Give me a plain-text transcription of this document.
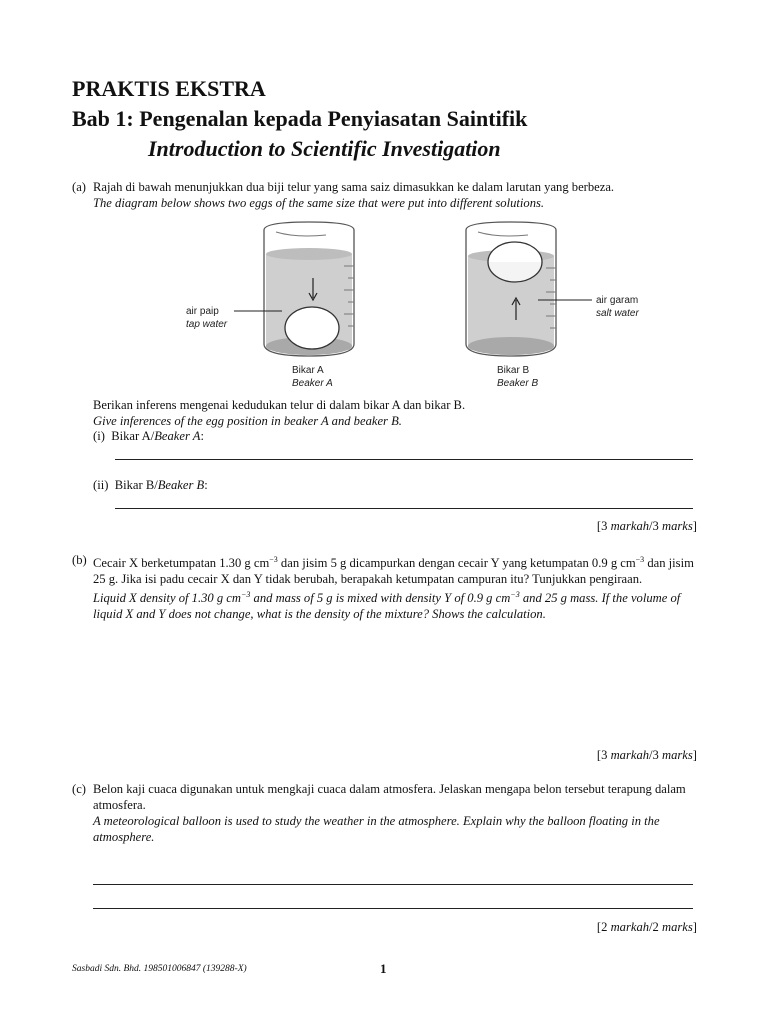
PRAKTIS EKSTRA
Bab 1: Pengenalan kepada Penyiasatan Saintifik
Introduction to Scientific Investigation
(a) Rajah di bawah menunjukkan dua biji telur yang sama saiz dimasukkan ke dalam larutan yang berbeza.
The diagram below shows two eggs of the same size that were put into different solutions.
air paip
tap water
Bikar A
Beaker A
air garam
salt water
Bikar B
Beaker B
Berikan inferens mengenai kedudukan telur di dalam bikar A dan bikar B.
Give inferences of the egg position in beaker A and beaker B.
(i) Bikar A/Beaker A:
(ii) Bikar B/Beaker B:
[3 markah/3 marks]
(b) Cecair X berketumpatan 1.30 g $cm^{-3}$ dan jisim 5 g dicampurkan dengan cecair Y yang ketumpatan 0.9 g $cm^{-3}$ dan jisim 25 g. Jika isi padu cecair X dan Y tidak berubah, berapakah ketumpatan campuran itu? Tunjukkan pengiraan.
Liquid X density of 1.30 g $cm^{-3}$ and mass of 5 g is mixed with density Y of 0.9 g $cm^{-3}$ and 25 g mass. If the volume of liquid X and Y does not change, what is the density of the mixture? Shows the calculation.
[3 markah/3 marks]
(c) Belon kaji cuaca digunakan untuk mengkaji cuaca dalam atmosfera. Jelaskan mengapa belon tersebut terapung dalam atmosfera.
A meteorological balloon is used to study the weather in the atmosphere. Explain why the balloon floating in the atmosphere.
[2 markah/2 marks]
Sasbadi Sdn. Bhd. 198501006847 (139288-X)	1
